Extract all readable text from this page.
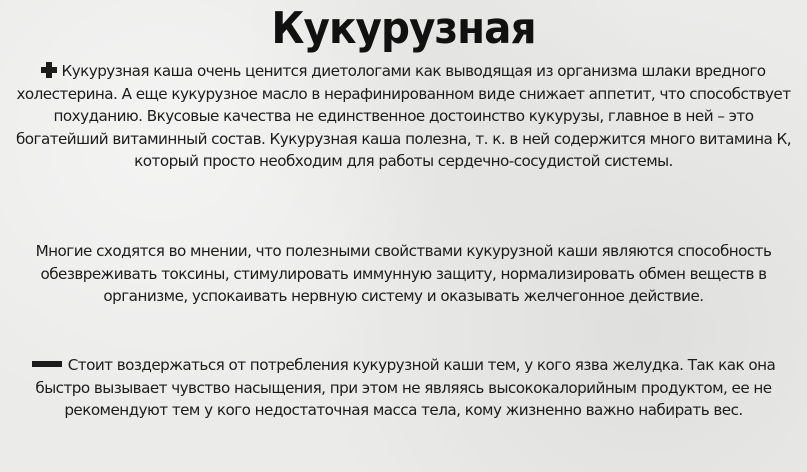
Кукурузная
Кукурузная каша очень ценится диетологами как выводящая из организма шлаки вредного холестерина. А еще кукурузное масло в нерафинированном виде снижает аппетит, что способствует похуданию. Вкусовые качества не единственное достоинство кукурузы, главное в ней – это богатейший витаминный состав. Кукурузная каша полезна, т. к. в ней содержится много витамина К, который просто необходим для работы сердечно-сосудистой системы.
Многие сходятся во мнении, что полезными свойствами кукурузной каши являются способность обезвреживать токсины, стимулировать иммунную защиту, нормализировать обмен веществ в организме, успокаивать нервную систему и оказывать желчегонное действие.
Стоит воздержаться от потребления кукурузной каши тем, у кого язва желудка. Так как она быстро вызывает чувство насыщения, при этом не являясь высококалорийным продуктом, ее не рекомендуют тем у кого недостаточная масса тела, кому жизненно важно набирать вес.
